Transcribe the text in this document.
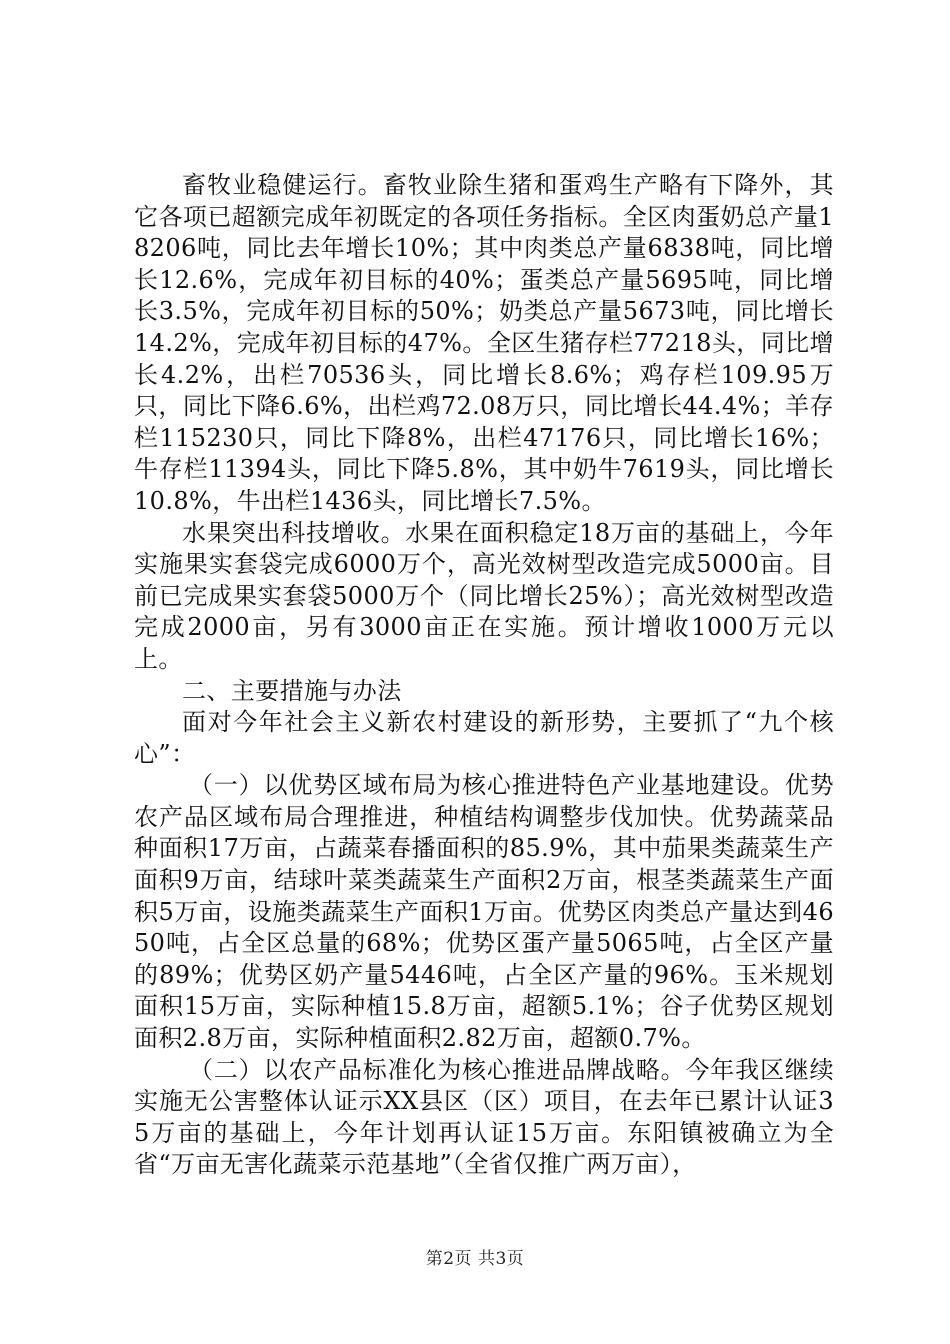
畜牧业稳健运行。畜牧业除生猪和蛋鸡生产略有下降外，其它各项已超额完成年初既定的各项任务指标。全区肉蛋奶总产量18206吨，同比去年增长10%；其中肉类总产量6838吨，同比增长12.6%，完成年初目标的40%；蛋类总产量5695吨，同比增长3.5%，完成年初目标的50%；奶类总产量5673吨，同比增长14.2%，完成年初目标的47%。全区生猪存栏77218头，同比增长4.2%，出栏70536头，同比增长8.6%；鸡存栏109.95万只，同比下降6.6%，出栏鸡72.08万只，同比增长44.4%；羊存栏115230只，同比下降8%，出栏47176只，同比增长16%；牛存栏11394头，同比下降5.8%，其中奶牛7619头，同比增长10.8%，牛出栏1436头，同比增长7.5%。

水果突出科技增收。水果在面积稳定18万亩的基础上，今年实施果实套袋完成6000万个，高光效树型改造完成5000亩。目前已完成果实套袋5000万个（同比增长25%）；高光效树型改造完成2000亩，另有3000亩正在实施。预计增收1000万元以上。

二、主要措施与办法

面对今年社会主义新农村建设的新形势，主要抓了“九个核心”：

（一）以优势区域布局为核心推进特色产业基地建设。优势农产品区域布局合理推进，种植结构调整步伐加快。优势蔬菜品种面积17万亩，占蔬菜春播面积的85.9%，其中茄果类蔬菜生产面积9万亩，结球叶菜类蔬菜生产面积2万亩，根茎类蔬菜生产面积5万亩，设施类蔬菜生产面积1万亩。优势区肉类总产量达到4650吨，占全区总量的68%；优势区蛋产量5065吨，占全区产量的89%；优势区奶产量5446吨，占全区产量的96%。玉米规划面积15万亩，实际种植15.8万亩，超额5.1%；谷子优势区规划面积2.8万亩，实际种植面积2.82万亩，超额0.7%。

（二）以农产品标准化为核心推进品牌战略。今年我区继续实施无公害整体认证示XX县区（区）项目，在去年已累计认证35万亩的基础上，今年计划再认证15万亩。东阳镇被确立为全省“万亩无害化蔬菜示范基地”（全省仅推广两万亩），

第2页 共3页
